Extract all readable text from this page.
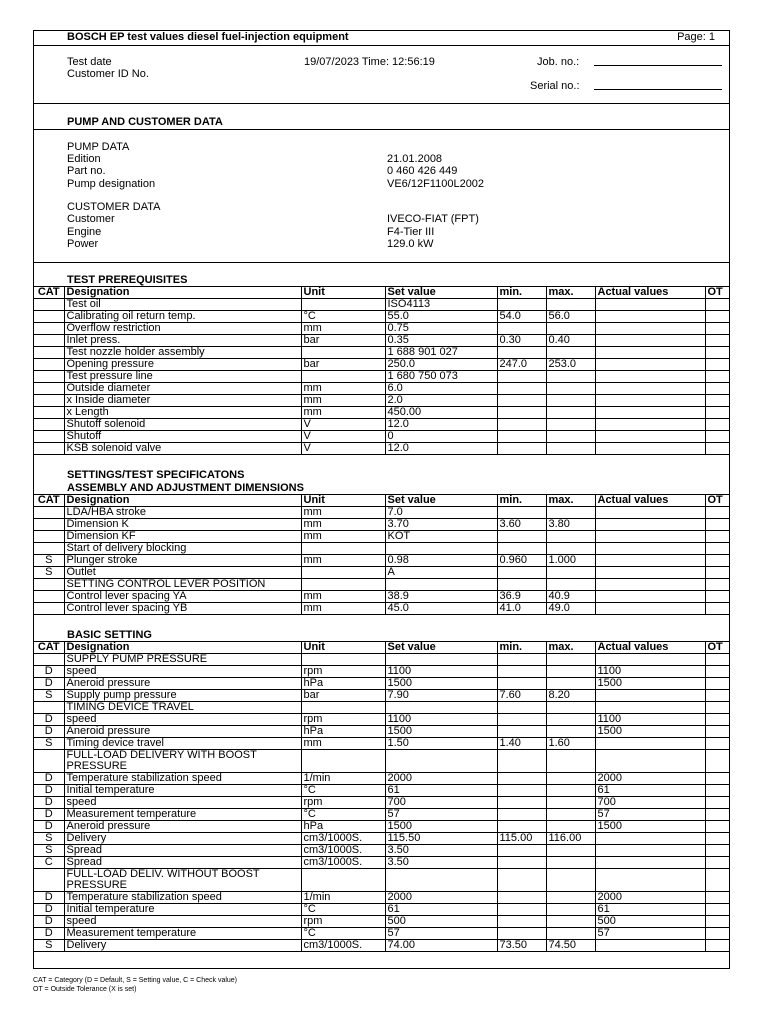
BOSCH EP test values diesel fuel-injection equipment	Page: 1
Test date	19/07/2023 Time: 12:56:19
Customer ID No.
Job. no.:
Serial no.:
PUMP AND CUSTOMER DATA
PUMP DATA
Edition	21.01.2008
Part no.	0 460 426 449
Pump designation	VE6/12F1100L2002
CUSTOMER DATA
Customer	IVECO-FIAT (FPT)
Engine	F4-Tier III
Power	129.0 kW
TEST PREREQUISITES
CAT	Designation	Unit	Set value	min.	max.	Actual values	OT
	Test oil		ISO4113				
	Calibrating oil return temp.	°C	55.0	54.0	56.0		
	Overflow restriction	mm	0.75				
	Inlet press.	bar	0.35	0.30	0.40		
	Test nozzle holder assembly		1 688 901 027				
	Opening pressure	bar	250.0	247.0	253.0		
	Test pressure line		1 680 750 073				
	Outside diameter	mm	6.0				
	x Inside diameter	mm	2.0				
	x Length	mm	450.00				
	Shutoff solenoid	V	12.0				
	Shutoff	V	0				
	KSB solenoid valve	V	12.0				
SETTINGS/TEST SPECIFICATONS
ASSEMBLY AND ADJUSTMENT DIMENSIONS
CAT	Designation	Unit	Set value	min.	max.	Actual values	OT
	LDA/HBA stroke	mm	7.0				
	Dimension K	mm	3.70	3.60	3.80		
	Dimension KF	mm	KOT				
	Start of delivery blocking						
S	Plunger stroke	mm	0.98	0.960	1.000		
S	Outlet		A				
	SETTING CONTROL LEVER POSITION						
	Control lever spacing YA	mm	38.9	36.9	40.9		
	Control lever spacing YB	mm	45.0	41.0	49.0		
BASIC SETTING
CAT	Designation	Unit	Set value	min.	max.	Actual values	OT
	SUPPLY PUMP PRESSURE						
D	speed	rpm	1100			1100	
D	Aneroid pressure	hPa	1500			1500	
S	Supply pump pressure	bar	7.90	7.60	8.20		
	TIMING DEVICE TRAVEL						
D	speed	rpm	1100			1100	
D	Aneroid pressure	hPa	1500			1500	
S	Timing device travel	mm	1.50	1.40	1.60		
	FULL-LOAD DELIVERY WITH BOOST PRESSURE						
D	Temperature stabilization speed	1/min	2000			2000	
D	Initial temperature	°C	61			61	
D	speed	rpm	700			700	
D	Measurement temperature	°C	57			57	
D	Aneroid pressure	hPa	1500			1500	
S	Delivery	cm3/1000S.	115.50	115.00	116.00		
S	Spread	cm3/1000S.	3.50				
C	Spread	cm3/1000S.	3.50				
	FULL-LOAD DELIV. WITHOUT BOOST PRESSURE						
D	Temperature stabilization speed	1/min	2000			2000	
D	Initial temperature	°C	61			61	
D	speed	rpm	500			500	
D	Measurement temperature	°C	57			57	
S	Delivery	cm3/1000S.	74.00	73.50	74.50		
CAT = Category (D = Default, S = Setting value, C = Check value)
OT = Outside Tolerance (X is set)
